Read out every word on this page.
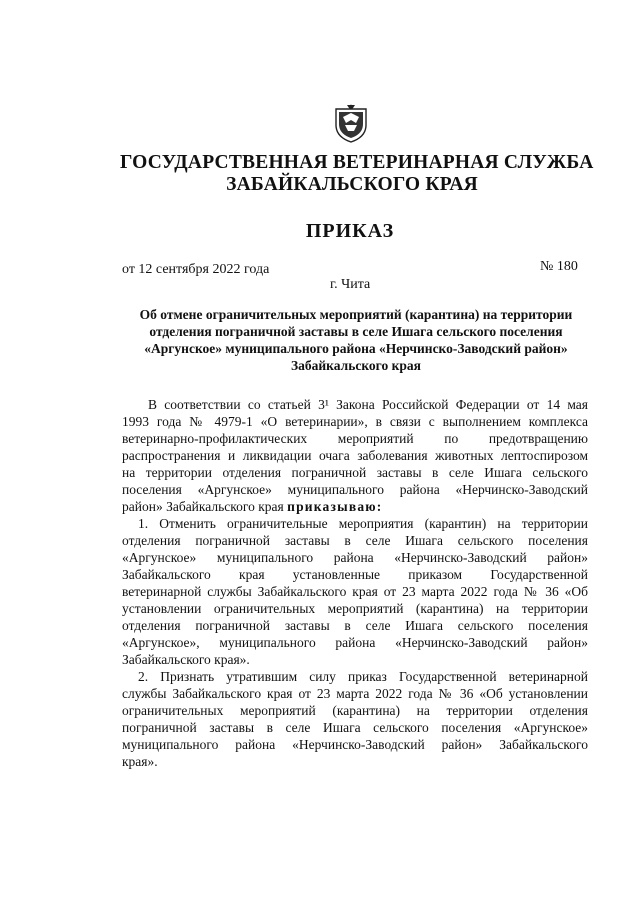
ГОСУДАРСТВЕННАЯ ВЕТЕРИНАРНАЯ СЛУЖБА
ЗАБАЙКАЛЬСКОГО КРАЯ
ПРИКАЗ
от 12 сентября 2022 года	№ 180
г. Чита
Об отмене ограничительных мероприятий (карантина) на территории
отделения пограничной заставы в селе Ишага сельского поселения
«Аргунское» муниципального района «Нерчинско-Заводский район»
Забайкальского края
В соответствии со статьей 3¹ Закона Российской Федерации от 14 мая
1993 года № 4979-1 «О ветеринарии», в связи с выполнением комплекса
ветеринарно-профилактических мероприятий по предотвращению
распространения и ликвидации очага заболевания животных лептоспирозом
на территории отделения пограничной заставы в селе Ишага сельского
поселения «Аргунское» муниципального района «Нерчинско-Заводский
район» Забайкальского края приказываю:
1. Отменить ограничительные мероприятия (карантин) на территории
отделения пограничной заставы в селе Ишага сельского поселения
«Аргунское» муниципального района «Нерчинско-Заводский район»
Забайкальского края установленные приказом Государственной
ветеринарной службы Забайкальского края от 23 марта 2022 года № 36 «Об
установлении ограничительных мероприятий (карантина) на территории
отделения пограничной заставы в селе Ишага сельского поселения
«Аргунское», муниципального района «Нерчинско-Заводский район»
Забайкальского края».
2. Признать утратившим силу приказ Государственной ветеринарной
службы Забайкальского края от 23 марта 2022 года № 36 «Об установлении
ограничительных мероприятий (карантина) на территории отделения
пограничной заставы в селе Ишага сельского поселения «Аргунское»
муниципального района «Нерчинско-Заводский район» Забайкальского
края».
